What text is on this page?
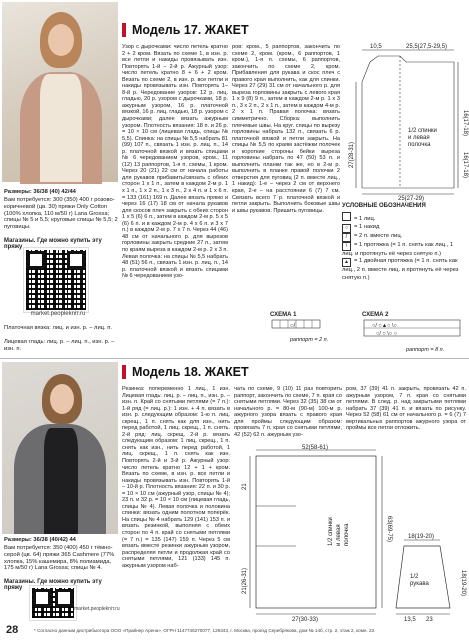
Размеры: 36/38 (40) 42/44
Вам потребуется: 300 (350) 400 г розово-коричневой (цв. 30) пряжи Only Cotton (100% хлопка, 110 м/50 г) Lana Grossa; спицы № 5 и 5,5; круговые спицы № 5,5; 2 пуговицы.
Магазины. Где можно купить эту пряжу
market.peoplekniт.ru
Платочная вязка: лиц. и изн. р. – лиц. п.
Лицевая гладь: лиц. р. – лиц. п., изн. р. – изн. п.
Модель 17. ЖАКЕТ
Узор с дырочками: число петель кратно 2 + 2 кром. Вязать по схеме 1, в изн. р. все петли и накиды провязывать изн. Повторять 1-й – 2-й р. Ажурный узор: число петель кратно 8 + 6 + 2 кром. Вязать по схеме 2, в изн. р. все петли и накиды провязывать изн. Повторять 1–8-й р. Чередование узоров: 12 р. лиц. гладью, 20 р. узором с дырочками, 18 р. ажурным узором, 16 р. платочной вязкой, 16 р. лиц. гладью, 18 р. узором с дырочками; далее вязать ажурным узором. Плотность вязания: 18 п. и 26 р. = 10 × 10 см (лицевая гладь, спицы № 5,5). Спинка: на спицы № 5,5 набрать 81 (99) 107 п., связать 1 изн. р. лиц. п., 14 р. платочной вязкой и вязать спицами № 6 чередованием узоров, кром., 11 (12) 13 раппортов, 1-я п. схемы, 1 кром. Через 20 (21) 22 см от начала работы для рукавов прибавить/связать с обеих сторон 1 х 1 п., затем в каждом 2-м р. 1 х 1 п., 1 х 2 п., 1 х 3 п., 2 х 4 п. и 1 х 6 п. = 133 (161) 169 п. Далее вязать прямо и через 16 (17) 18 см от начала рукавов для скосов плеч закрыть с обеих сторон 1 х 5 (6) 6 п., затем в каждом 2-м р. 5 х 5 (6) 6 п. и в каждом 2-м р. 4 х 6 п. и 3 х 7 п.) в каждом 2-м р. 7 х 7 п. Через 44 (46) 48 см от начального р. для вырезов горловины закрыть средние 27 п., затем по краям выреза в каждом 2-м р. 2 х 3 п. Левая полочка: на спицы № 5,5 набрать 48 (51) 56 п., связать 1 изн. р. лиц. п., 14 р. платочной вязкой и вязать спицами № 6 чередованием узо-
ров: кром., 5 раппортов, закончить по схеме 2, кром. (кром., 6 раппортов, 1 кром.), 1-я п. схемы, 6 раппортов, закончить по схеме 2, кром. Прибавления для рукава и скос плеч с правого края выполнить, как для спинки. Через 27 (29) 31 см от начального р. для выреза горловины закрыть с левого края 1 х 9 (8) 9 п., затем в каждом 2-м р. 1 х 3 п., 3 х 2 п., 2 х 1 п., затем в каждом 4-м р. 2 х 1 п. Правая полочка: вязать симметрично. Сборка: выполнить плечевые швы. На круг. спицы по вырезу горловины набрать 132 п., связать 6 р. платочной вязкой и петли закрыть. На спицы № 5,5 по краям застёжки полочек и короткие стороны бейки вырезa горловины набрать по 47 (50) 53 п. и выполнить планки так же, но в 2-м р. выполнить в планке правой полочки 2 отверстия для пуговиц (2 п. вместе лиц., 1 накид): 1-е – через 2 см от верхнего края, 2-е – на расстоянии 6 (7) 7 см. Связать всего 7 р. платочной вязкой и петли закрыть. Выполнить боковые швы и швы рукавов. Пришить пуговицы.
10,5	25,5(27,5-29,5)
25(27-29)
27(28-31)
16(17-18)
16(17-18)
1/2 спинки
и левая
полочка
УСЛОВНЫЕ ОБОЗНАЧЕНИЯ
= 1 лиц.
○ = 1 накид
/ = 2 п. вместе лиц.
\ = 1 протяжка (= 1 п. снять как лиц., 1 лиц. и протянуть её через снятую п.)
▲ = 1 двойная протяжка (= 1 п. снять как лиц., 2 п. вместе лиц. и протянуть её через снятую п.)
СХЕМА 1
○/
раппорт = 2 п.
СХЕМА 2
○/ ○▲○ \○
○/ ○ \○ ○
раппорт = 8 п.
Размеры: 36/38 (40/42) 44
Вам потребуется: 350 (400) 450 г тёмно-серой (цв. 64) пряжи 365 Cashmere (77% хлопка, 15% кашемира, 8% полиамида, 175 м/50 г) Lana Grossa; спицы № 4.
Магазины. Где можно купить эту пряжу
market.peoplekniт.ru
Модель 18. ЖАКЕТ
Резинка: попеременно 1 лиц., 1 изн. Лицевая гладь: лиц. р. – лиц. п., изн. р. – изн. п. Край со снятыми петлями (= 7 п.): 1-й ряд (= лиц. р.): 1 изн. + 4 п. вязать в изн. р. следующим образом: 1-ю п. лиц. скрещ., 1 п. снять как для изн., нить перед работой, 1 лиц. скрещ., 1 п. снять. 2-й ряд: лиц. скрещ. 2-й р. вязать следующим образом: 1 лиц. скрещ., 1 п. снять как изн., нить перед работой, 1 лиц. скрещ., 1 п. снять как изн. Повторять 2-й и 3-й р. Ажурный узор: число петель кратно 12 + 1 + кром. Вязать по схеме, в изн. р. все петли и накиды провязывать изн. Повторять 1-й – 10-й р. Плотность вязания: 22 п. и 30 р. = 10 × 10 см (ажурный узор, спицы № 4); 23 п. и 32 р. = 10 × 10 см (лицевая гладь, спицы № 4). Левая полочка и половина спинки: вязать одним полотном поперёк. На спицы № 4 набрать 129 (141) 153 п. и вязать резинкой, выполняя с обеих сторон по 4 п. край со снятыми петлями (= 7 п.) = 135 (147) 159 п. Через 5 см вязать вместе резинки ажурным узором, распределяя петли и продолжая край со снятыми петлями, 121 (133) 145 п. ажурным узором наб-
чать по схеме, 9 (10) 11 раз повторить раппорт, закончить по схеме, 7 п. края со снятыми петлями. Через 32 (35) 38 см от начального р. = 80-м (90-м) 100-м р. ажурного узора вязать с правого края для проймы следующим образом: провязать 7 п. края со снятыми петлями, 42 (52) 62 п. ажурным узо-
ром, 37 (39) 41 п. закрыть, провязать 42 п. ажурным узором, 7 п. края со снятыми петлями. В след. р. над закрытыми петлями набрать 37 (39) 41 п. и вязать по рисунку. Через 52 (58) 61 см от начального р. = 6 (7) 7 вертикальных раппортов ажурного узора от проймы все петли отложить.
52(58-61)
21
21(26-31)
63(69-75)
27(30-33)
1/2 спинки и левая полочка	18(19-20)
18(19-20)
1/2
рукава
13,5 23
28	* Согласно данным дистрибьютора ООО «Прайнер Арена», ОГРН 1147746270077, 129343, г. Москва, проезд Серебрякова, дом № 14б, стр. 2, этаж 2, комн. 23
